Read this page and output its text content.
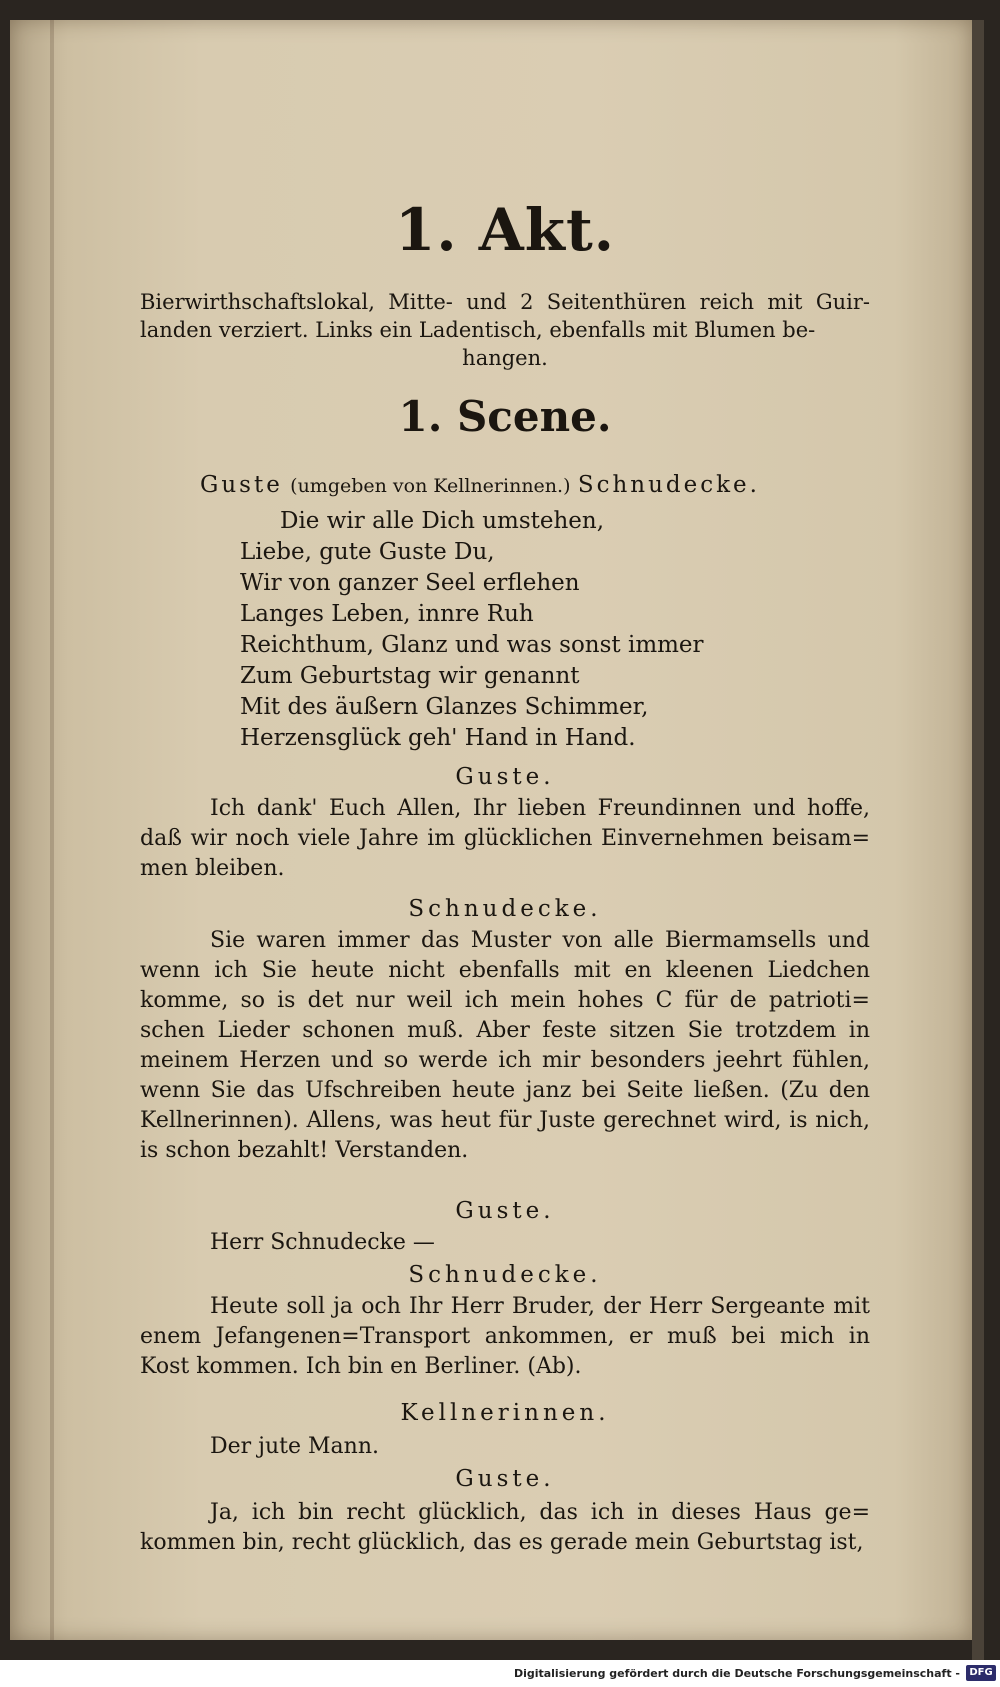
1. Akt.
Bierwirthschaftslokal, Mitte- und 2 Seitenthüren reich mit Guir- landen verziert. Links ein Ladentisch, ebenfalls mit Blumen be-
hangen.
1. Scene.
Guste (umgeben von Kellnerinnen.) Schnudecke.
Die wir alle Dich umstehen,
Liebe, gute Guste Du,
Wir von ganzer Seel erflehen
Langes Leben, innre Ruh
Reichthum, Glanz und was sonst immer
Zum Geburtstag wir genannt
Mit des äußern Glanzes Schimmer,
Herzensglück geh' Hand in Hand.
Guste.
Ich dank' Euch Allen, Ihr lieben Freundinnen und hoffe, daß wir noch viele Jahre im glücklichen Einvernehmen beisam= men bleiben.
Schnudecke.
Sie waren immer das Muster von alle Biermamsells und wenn ich Sie heute nicht ebenfalls mit en kleenen Liedchen komme, so is det nur weil ich mein hohes C für de patrioti= schen Lieder schonen muß. Aber feste sitzen Sie trotzdem in meinem Herzen und so werde ich mir besonders jeehrt fühlen, wenn Sie das Ufschreiben heute janz bei Seite ließen. (Zu den Kellnerinnen). Allens, was heut für Juste gerechnet wird, is nich, is schon bezahlt! Verstanden.
Guste.
Herr Schnudecke —
Schnudecke.
Heute soll ja och Ihr Herr Bruder, der Herr Sergeante mit enem Jefangenen=Transport ankommen, er muß bei mich in Kost kommen. Ich bin en Berliner. (Ab).
Kellnerinnen.
Der jute Mann.
Guste.
Ja, ich bin recht glücklich, das ich in dieses Haus ge= kommen bin, recht glücklich, das es gerade mein Geburtstag ist,
Digitalisierung gefördert durch die Deutsche Forschungsgemeinschaft - DFG
